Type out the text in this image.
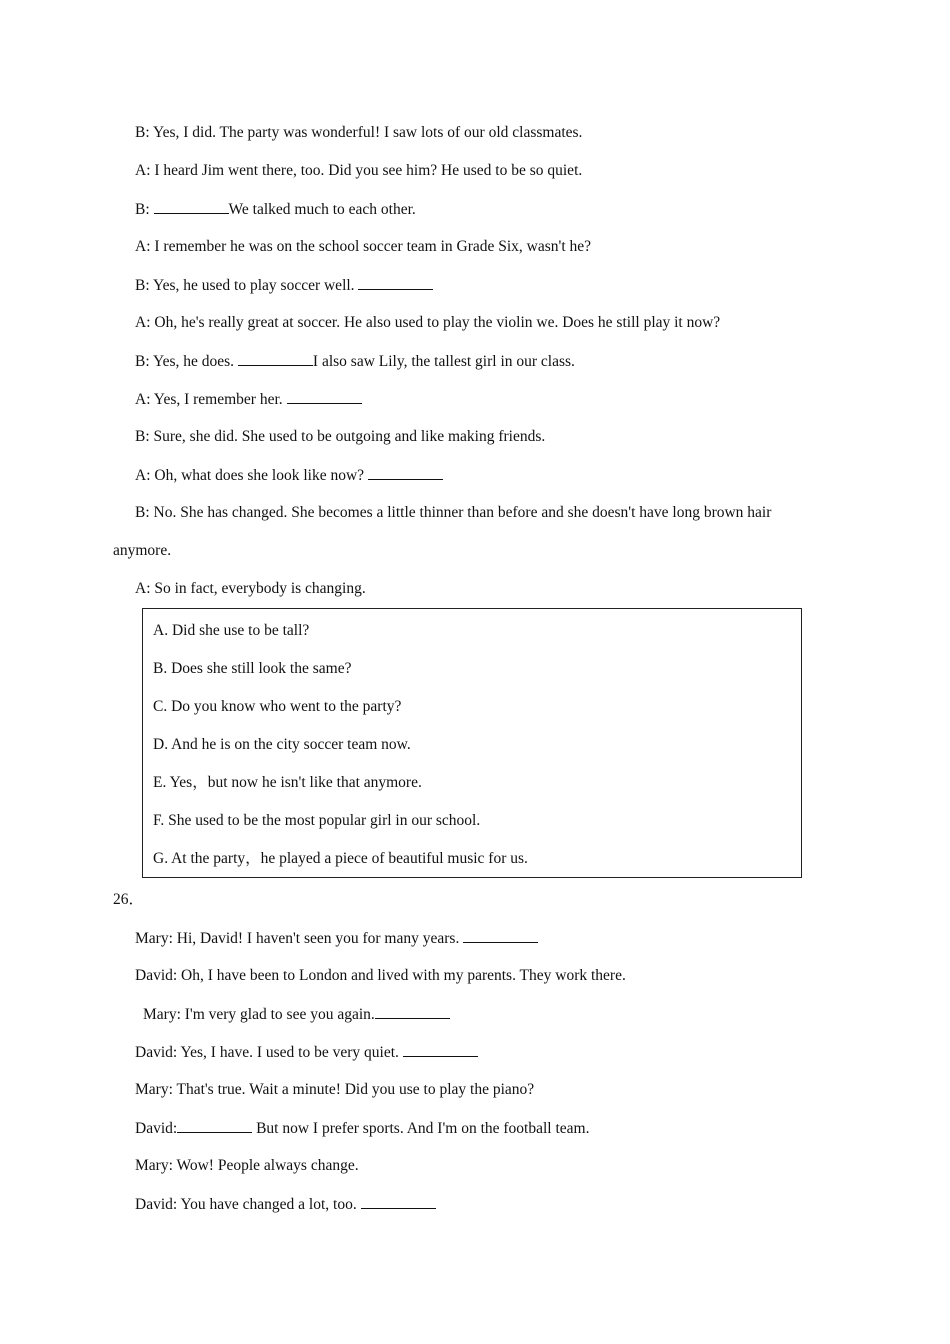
B: Yes, I did. The party was wonderful! I saw lots of our old classmates.
A: I heard Jim went there, too. Did you see him? He used to be so quiet.
B:	We talked much to each other.
A: I remember he was on the school soccer team in Grade Six, wasn't he?
B: Yes, he used to play soccer well.
A: Oh, he's really great at soccer. He also used to play the violin we. Does he still play it now?
B: Yes, he does.	I also saw Lily, the tallest girl in our class.
A: Yes, I remember her.
B: Sure, she did. She used to be outgoing and like making friends.
A: Oh, what does she look like now?
B: No. She has changed. She becomes a little thinner than before and she doesn't have long brown hair
anymore.
A: So in fact, everybody is changing.
A. Did she use to be tall?
B. Does she still look the same?
C. Do you know who went to the party?
D. And he is on the city soccer team now.
E. Yes，but now he isn't like that anymore.
F. She used to be the most popular girl in our school.
G. At the party，he played a piece of beautiful music for us.
26．
Mary: Hi, David! I haven't seen you for many years.
David: Oh, I have been to London and lived with my parents. They work there.
Mary: I'm very glad to see you again.
David: Yes, I have. I used to be very quiet.
Mary: That's true. Wait a minute! Did you use to play the piano?
David:	But now I prefer sports. And I'm on the football team.
Mary: Wow! People always change.
David: You have changed a lot, too.
